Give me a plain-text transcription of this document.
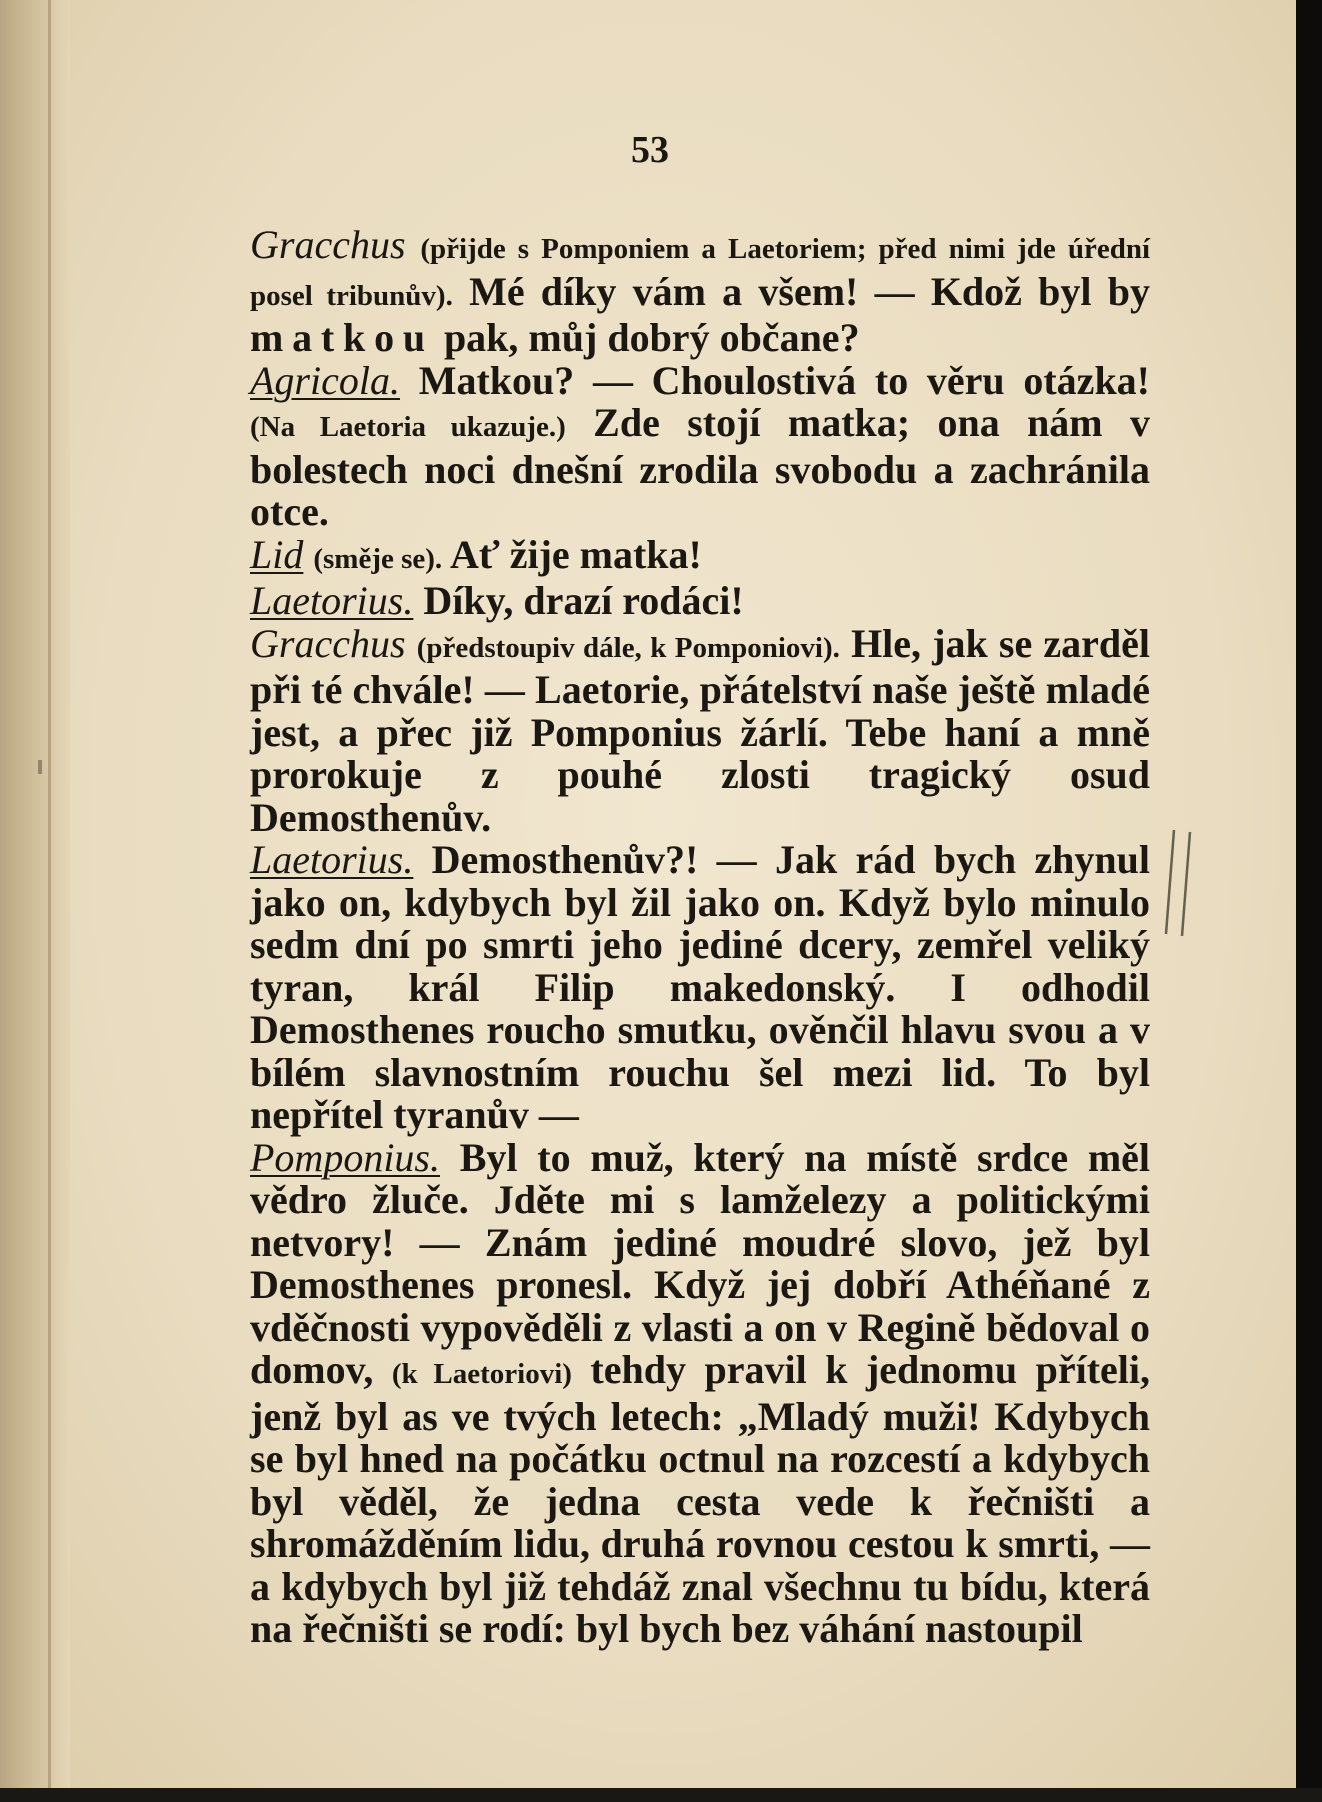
53

Gracchus (přijde s Pomponiem a Laetoriem; před nimi jde úřední posel tribunův). Mé díky vám a všem! — Kdož byl by matkou pak, můj dobrý občane?

Agricola. Matkou? — Choulostivá to věru otázka! (Na Laetoria ukazuje.) Zde stojí matka; ona nám v bolestech noci dnešní zrodila svobodu a zachránila otce.

Lid (směje se). Ať žije matka!

Laetorius. Díky, drazí rodáci!

Gracchus (předstoupiv dále, k Pomponiovi). Hle, jak se zarděl při té chvále! — Laetorie, přátelství naše ještě mladé jest, a přec již Pomponius žárlí. Tebe haní a mně prorokuje z pouhé zlosti tragický osud Demosthenův.

Laetorius. Demosthenův?! — Jak rád bych zhynul jako on, kdybych byl žil jako on. Když bylo minulo sedm dní po smrti jeho jediné dcery, zemřel veliký tyran, král Filip makedonský. I odhodil Demosthenes roucho smutku, ověnčil hlavu svou a v bílém slavnostním rouchu šel mezi lid. To byl nepřítel tyranův —

Pomponius. Byl to muž, který na místě srdce měl vědro žluče. Jděte mi s lamželezy a politickými netvory! — Znám jediné moudré slovo, jež byl Demosthenes pronesl. Když jej dobří Athéňané z vděčnosti vypověděli z vlasti a on v Regině bědoval o domov, (k Laetoriovi) tehdy pravil k jednomu příteli, jenž byl as ve tvých letech: „Mladý muži! Kdybych se byl hned na počátku octnul na rozcestí a kdybych byl věděl, že jedna cesta vede k řečništi a shromážděním lidu, druhá rovnou cestou k smrti, — a kdybych byl již tehdáž znal všechnu tu bídu, která na řečništi se rodí: byl bych bez váhání nastoupil
